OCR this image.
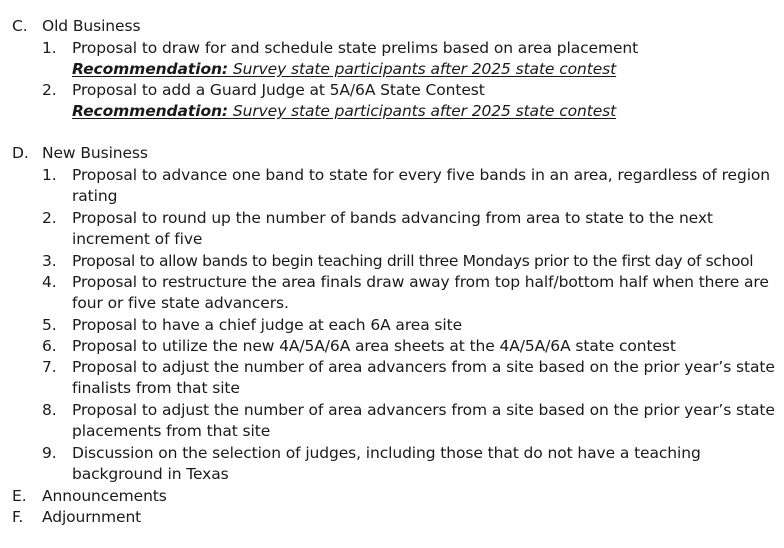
C. Old Business
1. Proposal to draw for and schedule state prelims based on area placement
Recommendation: Survey state participants after 2025 state contest
2. Proposal to add a Guard Judge at 5A/6A State Contest
Recommendation: Survey state participants after 2025 state contest
D. New Business
1. Proposal to advance one band to state for every five bands in an area, regardless of region
rating
2. Proposal to round up the number of bands advancing from area to state to the next
increment of five
3. Proposal to allow bands to begin teaching drill three Mondays prior to the first day of school
4. Proposal to restructure the area finals draw away from top half/bottom half when there are
four or five state advancers.
5. Proposal to have a chief judge at each 6A area site
6. Proposal to utilize the new 4A/5A/6A area sheets at the 4A/5A/6A state contest
7. Proposal to adjust the number of area advancers from a site based on the prior year’s state
finalists from that site
8. Proposal to adjust the number of area advancers from a site based on the prior year’s state
placements from that site
9. Discussion on the selection of judges, including those that do not have a teaching
background in Texas
E. Announcements
F. Adjournment
